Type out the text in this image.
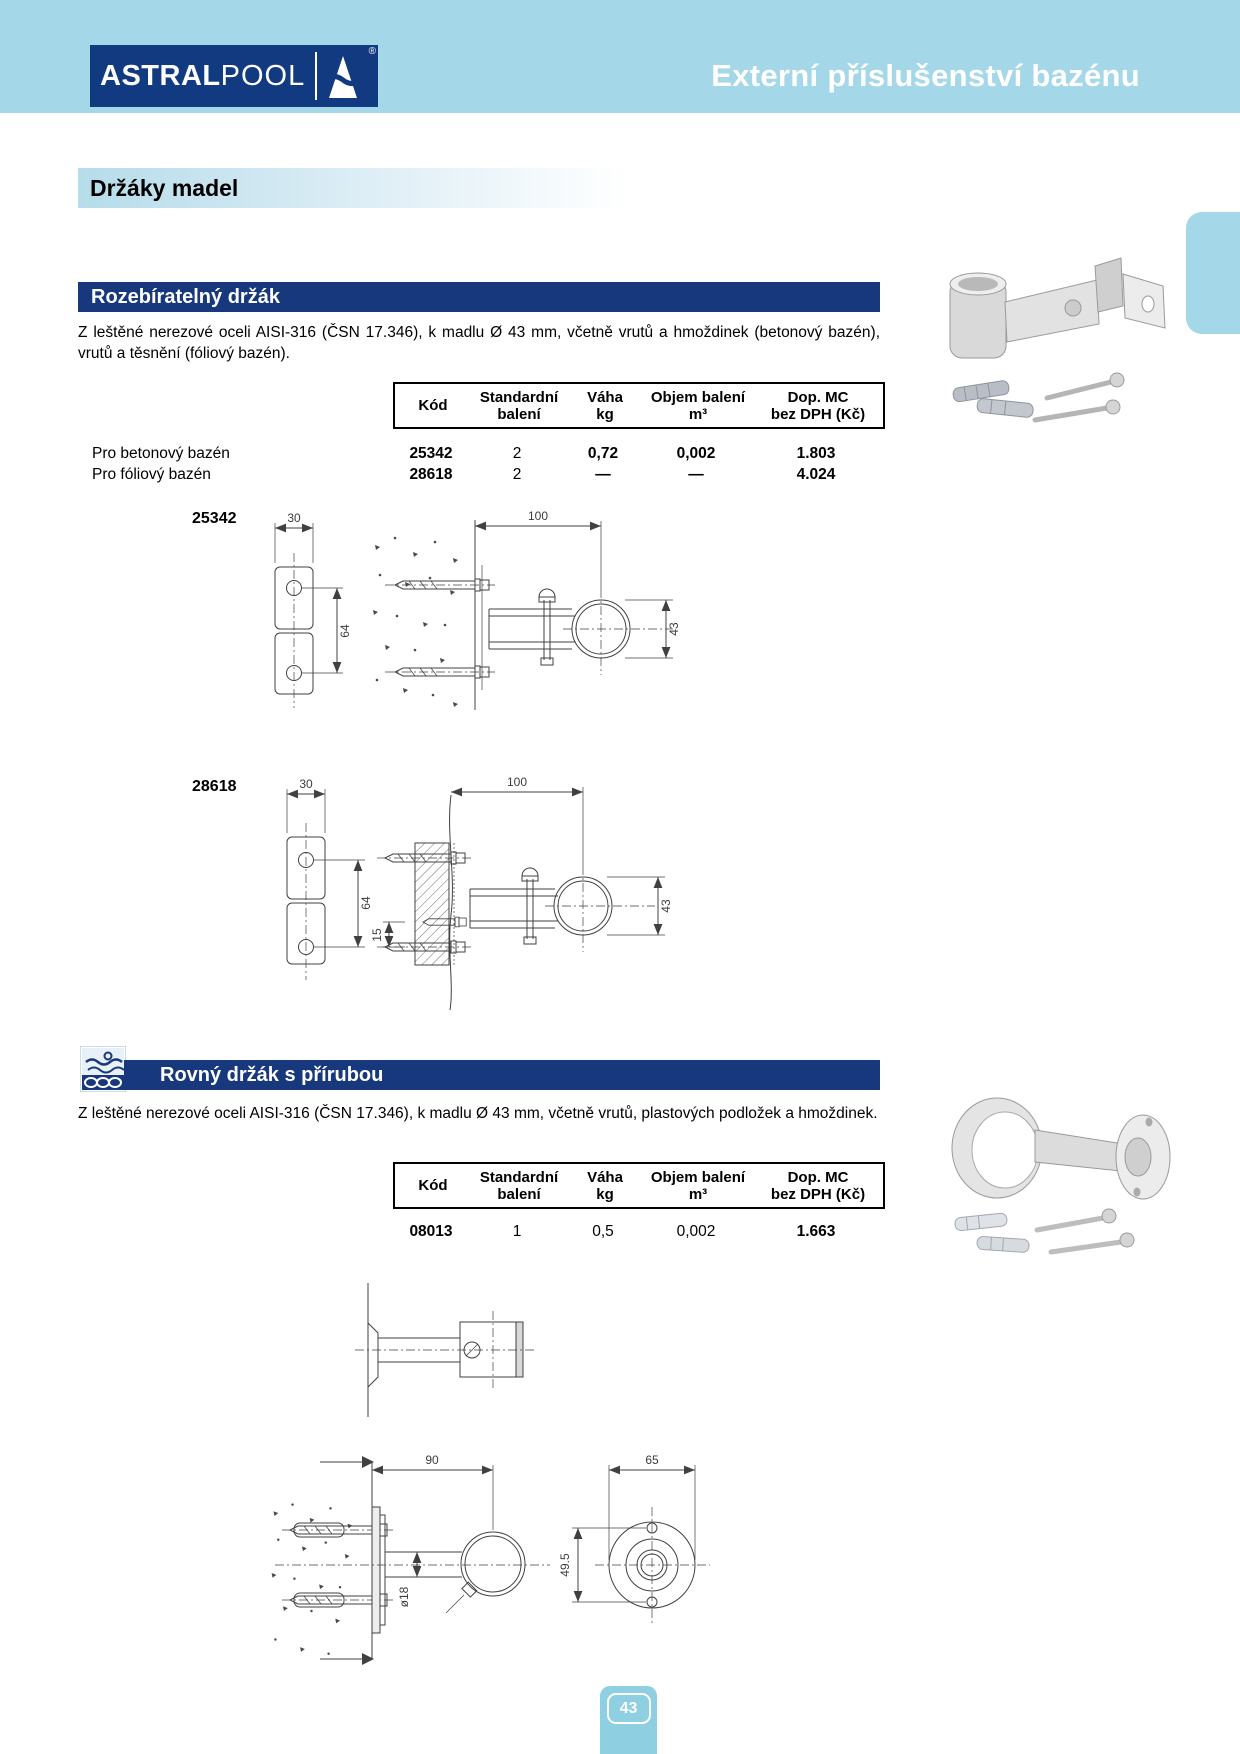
ASTRAL POOL
®
Externí příslušenství bazénu
Držáky madel
Rozebíratelný držák
Z leštěné nerezové oceli AISI-316 (ČSN 17.346), k madlu Ø 43 mm, včetně vrutů a hmoždinek (betonový bazén), vrutů a těsnění (fóliový bazén).
Kód Standardní
balení
Váha
kg
Objem balení
m³
Dop. MC
bez DPH (Kč)
Pro betonový bazén	25342	2	0,72	0,002	1.803
Pro fóliový bazén	28618	2	—	—	4.024
25342	30
64
100
43
28618	30
64
15
100
43
Rovný držák s přírubou
Z leštěné nerezové oceli AISI-316 (ČSN 17.346), k madlu Ø 43 mm, včetně vrutů, plastových podložek a hmoždinek.
Kód Standardní
balení
Váha
kg
Objem balení
m³
Dop. MC
bez DPH (Kč)
08013	1	0,5	0,002	1.663
90
ø18
65
49.5
43
